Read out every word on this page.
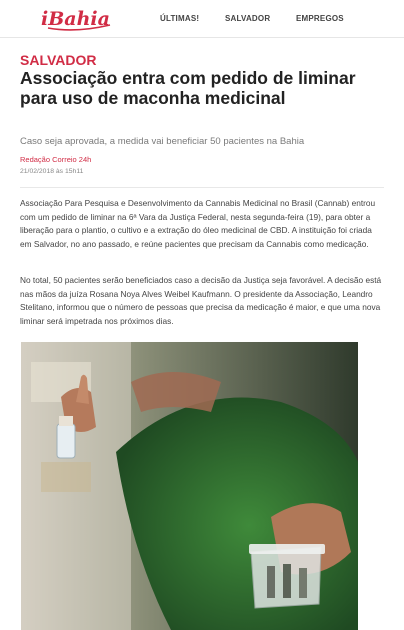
iBahia	ÚLTIMAS!	SALVADOR	EMPREGOS
SALVADOR
Associação entra com pedido de liminar para uso de maconha medicinal

Caso seja aprovada, a medida vai beneficiar 50 pacientes na Bahia

Redação Correio 24h
21/02/2018 às 15h11

Associação Para Pesquisa e Desenvolvimento da Cannabis Medicinal no Brasil (Cannab) entrou com um pedido de liminar na 6ª Vara da Justiça Federal, nesta segunda-feira (19), para obter a liberação para o plantio, o cultivo e a extração do óleo medicinal de CBD. A instituição foi criada em Salvador, no ano passado, e reúne pacientes que precisam da Cannabis como medicação.

No total, 50 pacientes serão beneficiados caso a decisão da Justiça seja favorável. A decisão está nas mãos da juíza Rosana Noya Alves Weibel Kaufmann. O presidente da Associação, Leandro Stelitano, informou que o número de pessoas que precisa da medicação é maior, e que uma nova liminar será impetrada nos próximos dias.
